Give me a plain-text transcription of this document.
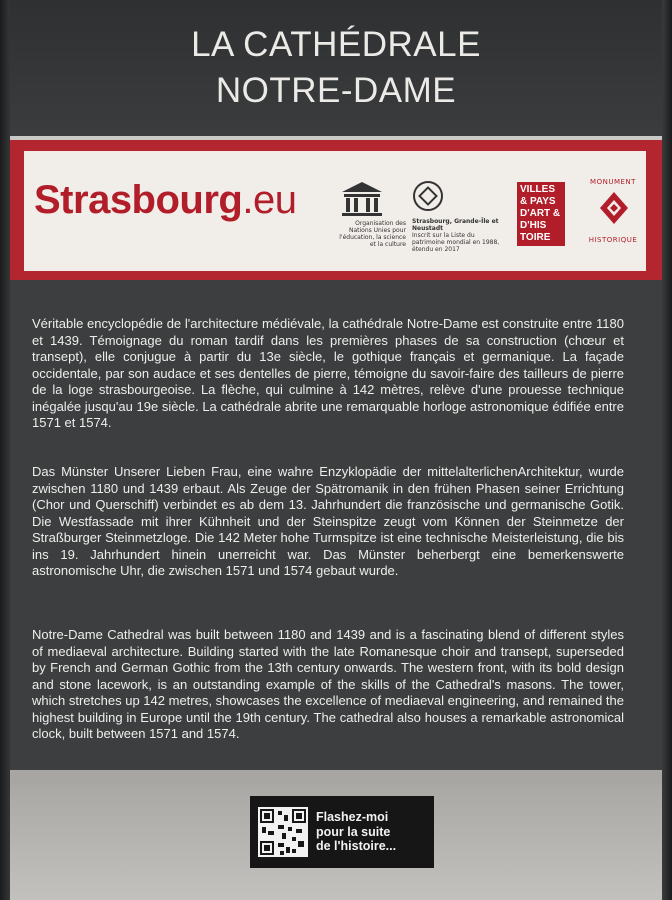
LA CATHÉDRALE
NOTRE-DAME
Strasbourg.eu
Organisation des Nations Unies pour l'éducation, la science et la culture
Strasbourg, Grande-Île et Neustadt
Inscrit sur la Liste du patrimoine mondial en 1988, étendu en 2017
VILLES
& PAYS
D'ART &
D'HIS
TOIRE
MONUMENT
HISTORIQUE
Véritable encyclopédie de l'architecture médiévale, la cathédrale Notre-Dame est construite entre 1180 et 1439. Témoignage du roman tardif dans les premières phases de sa construction (chœur et transept), elle conjugue à partir du 13e siècle, le gothique français et germanique. La façade occidentale, par son audace et ses dentelles de pierre, témoigne du savoir-faire des tailleurs de pierre de la loge strasbourgeoise. La flèche, qui culmine à 142 mètres, relève d'une prouesse technique inégalée jusqu'au 19e siècle. La cathédrale abrite une remarquable horloge astronomique édifiée entre 1571 et 1574.
Das Münster Unserer Lieben Frau, eine wahre Enzyklopädie der mittelalterlichenArchitektur, wurde zwischen 1180 und 1439 erbaut. Als Zeuge der Spätromanik in den frühen Phasen seiner Errichtung (Chor und Querschiff) verbindet es ab dem 13. Jahrhundert die französische und germanische Gotik. Die Westfassade mit ihrer Kühnheit und der Steinspitze zeugt vom Können der Steinmetze der Straßburger Steinmetzloge. Die 142 Meter hohe Turmspitze ist eine technische Meisterleistung, die bis ins 19. Jahrhundert hinein unerreicht war. Das Münster beherbergt eine bemerkenswerte astronomische Uhr, die zwischen 1571 und 1574 gebaut wurde.
Notre-Dame Cathedral was built between 1180 and 1439 and is a fascinating blend of different styles of mediaeval architecture. Building started with the late Romanesque choir and transept, superseded by French and German Gothic from the 13th century onwards. The western front, with its bold design and stone lacework, is an outstanding example of the skills of the Cathedral's masons. The tower, which stretches up 142 metres, showcases the excellence of mediaeval engineering, and remained the highest building in Europe until the 19th century. The cathedral also houses a remarkable astronomical clock, built between 1571 and 1574.
Flashez-moi
pour la suite
de l'histoire...
